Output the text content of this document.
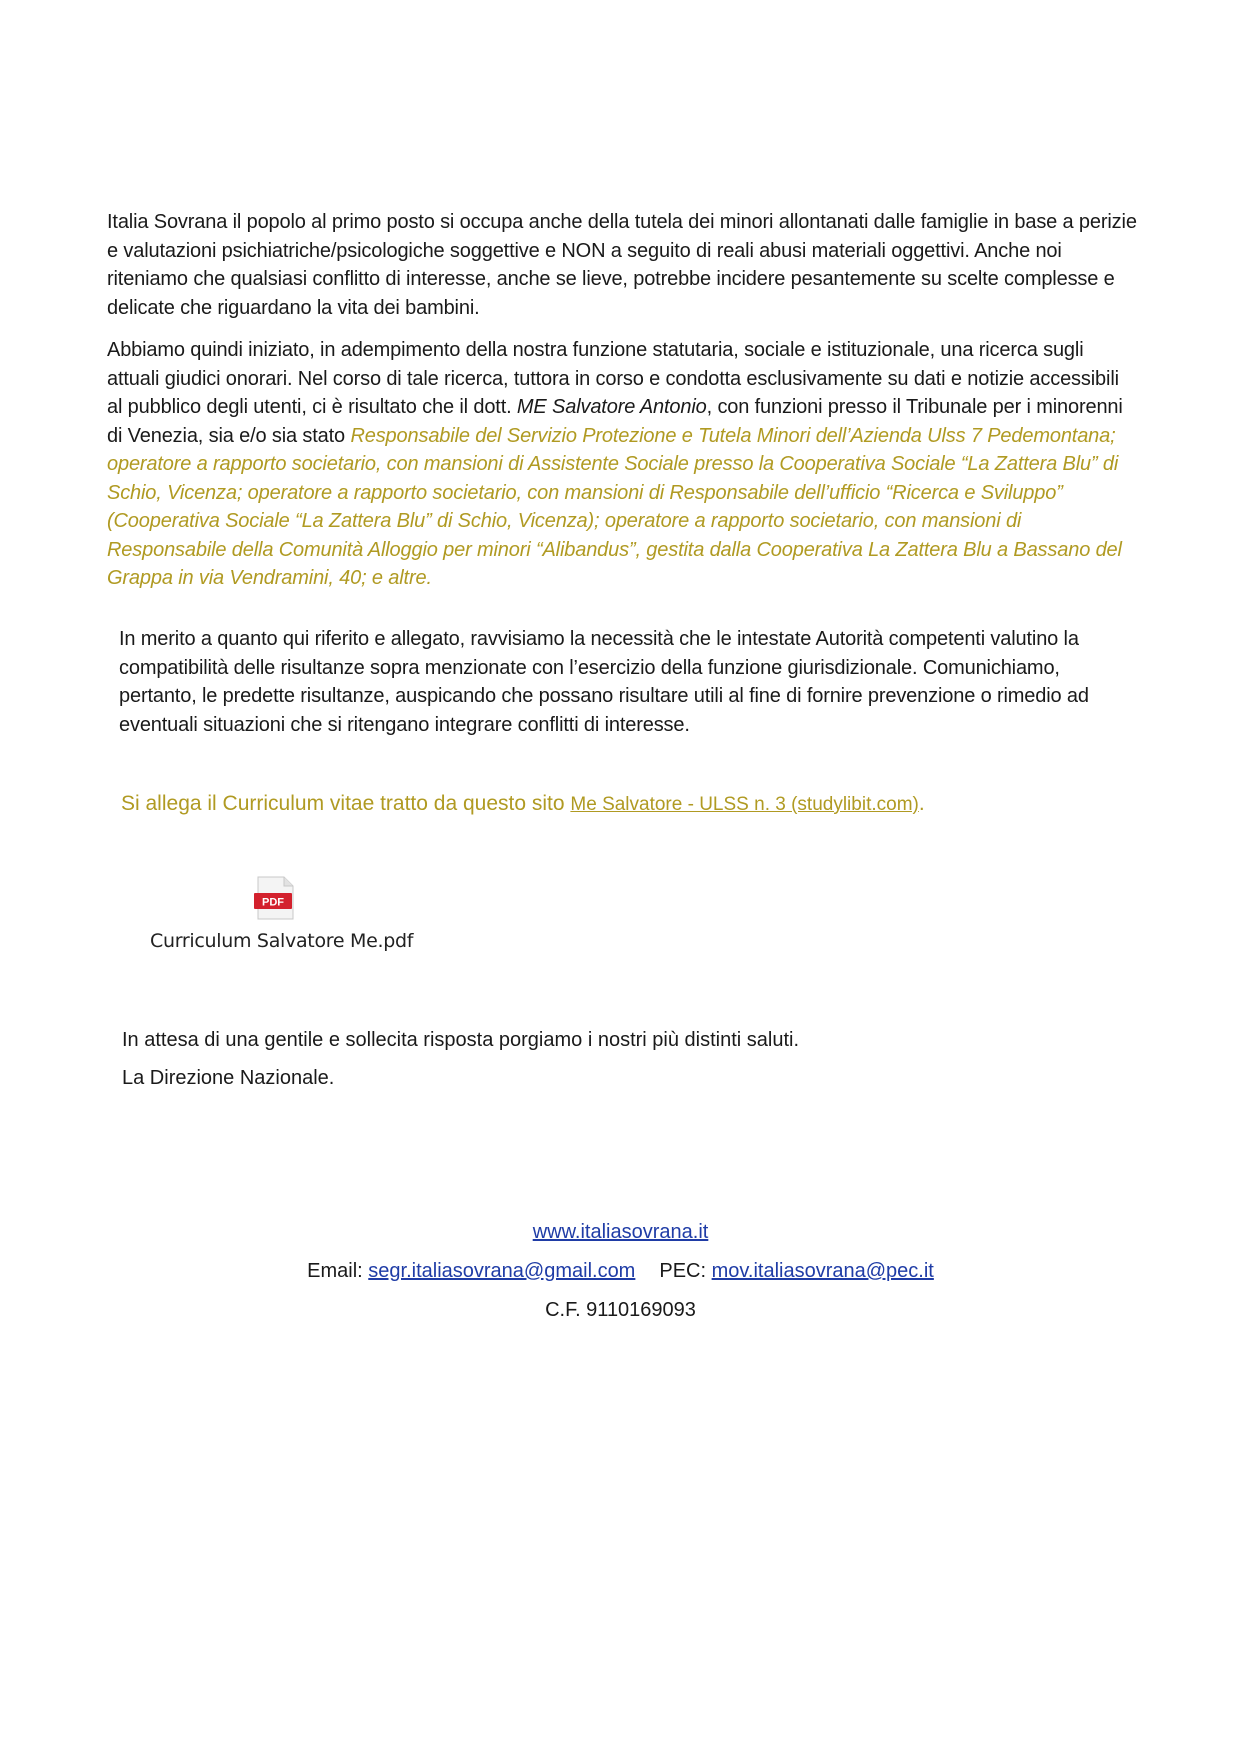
Italia Sovrana il popolo al primo posto si occupa anche della tutela dei minori allontanati dalle famiglie in base a perizie e valutazioni psichiatriche/psicologiche soggettive e NON a seguito di reali abusi materiali oggettivi. Anche noi riteniamo che qualsiasi conflitto di interesse, anche se lieve, potrebbe incidere pesantemente su scelte complesse e delicate che riguardano la vita dei bambini.

Abbiamo quindi iniziato, in adempimento della nostra funzione statutaria, sociale e istituzionale, una ricerca sugli attuali giudici onorari. Nel corso di tale ricerca, tuttora in corso e condotta esclusivamente su dati e notizie accessibili al pubblico degli utenti, ci è risultato che il dott. ME Salvatore Antonio, con funzioni presso il Tribunale per i minorenni di Venezia, sia e/o sia stato Responsabile del Servizio Protezione e Tutela Minori dell’Azienda Ulss 7 Pedemontana; operatore a rapporto societario, con mansioni di Assistente Sociale presso la Cooperativa Sociale “La Zattera Blu” di Schio, Vicenza; operatore a rapporto societario, con mansioni di Responsabile dell’ufficio “Ricerca e Sviluppo” (Cooperativa Sociale “La Zattera Blu” di Schio, Vicenza); operatore a rapporto societario, con mansioni di Responsabile della Comunità Alloggio per minori “Alibandus”, gestita dalla Cooperativa La Zattera Blu a Bassano del Grappa in via Vendramini, 40; e altre.

In merito a quanto qui riferito e allegato, ravvisiamo la necessità che le intestate Autorità competenti valutino la compatibilità delle risultanze sopra menzionate con l’esercizio della funzione giurisdizionale. Comunichiamo, pertanto, le predette risultanze, auspicando che possano risultare utili al fine di fornire prevenzione o rimedio ad eventuali situazioni che si ritengano integrare conflitti di interesse.

Si allega il Curriculum vitae tratto da questo sito Me Salvatore - ULSS n. 3 (studylibit.com).
PDF
Curriculum Salvatore Me.pdf
In attesa di una gentile e sollecita risposta porgiamo i nostri più distinti saluti.
La Direzione Nazionale.
www.italiasovrana.it
Email: segr.italiasovrana@gmail.com PEC: mov.italiasovrana@pec.it
C.F. 9110169093
